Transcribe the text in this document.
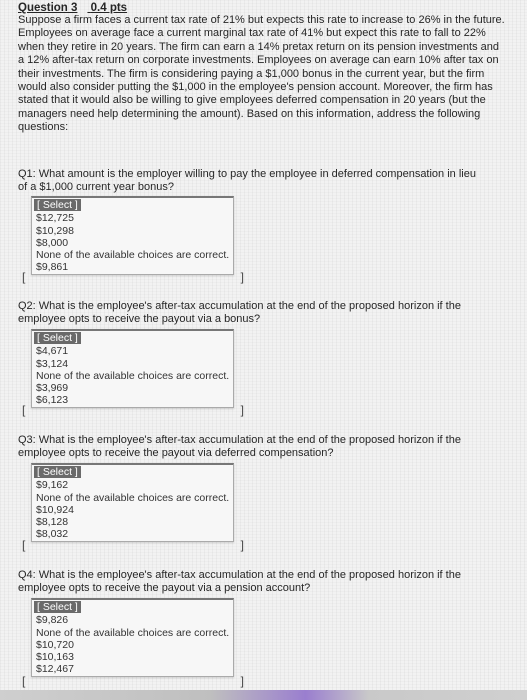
Question 3 0.4 pts
Suppose a firm faces a current tax rate of 21% but expects this rate to increase to 26% in the future. Employees on average face a current marginal tax rate of 41% but expect this rate to fall to 22% when they retire in 20 years. The firm can earn a 14% pretax return on its pension investments and a 12% after-tax return on corporate investments. Employees on average can earn 10% after tax on their investments. The firm is considering paying a $1,000 bonus in the current year, but the firm would also consider putting the $1,000 in the employee's pension account. Moreover, the firm has stated that it would also be willing to give employees deferred compensation in 20 years (but the managers need help determining the amount). Based on this information, address the following questions:
Q1: What amount is the employer willing to pay the employee in deferred compensation in lieu of a $1,000 current year bonus?
[ Select ]
$12,725
$10,298
$8,000
None of the available choices are correct.
$9,861
[	]
Q2: What is the employee's after-tax accumulation at the end of the proposed horizon if the employee opts to receive the payout via a bonus?
[ Select ]
$4,671
$3,124
None of the available choices are correct.
$3,969
$6,123
[	]
Q3: What is the employee's after-tax accumulation at the end of the proposed horizon if the employee opts to receive the payout via deferred compensation?
[ Select ]
$9,162
None of the available choices are correct.
$10,924
$8,128
$8,032
[	]
Q4: What is the employee's after-tax accumulation at the end of the proposed horizon if the employee opts to receive the payout via a pension account?
[ Select ]
$9,826
None of the available choices are correct.
$10,720
$10,163
$12,467
[	]
